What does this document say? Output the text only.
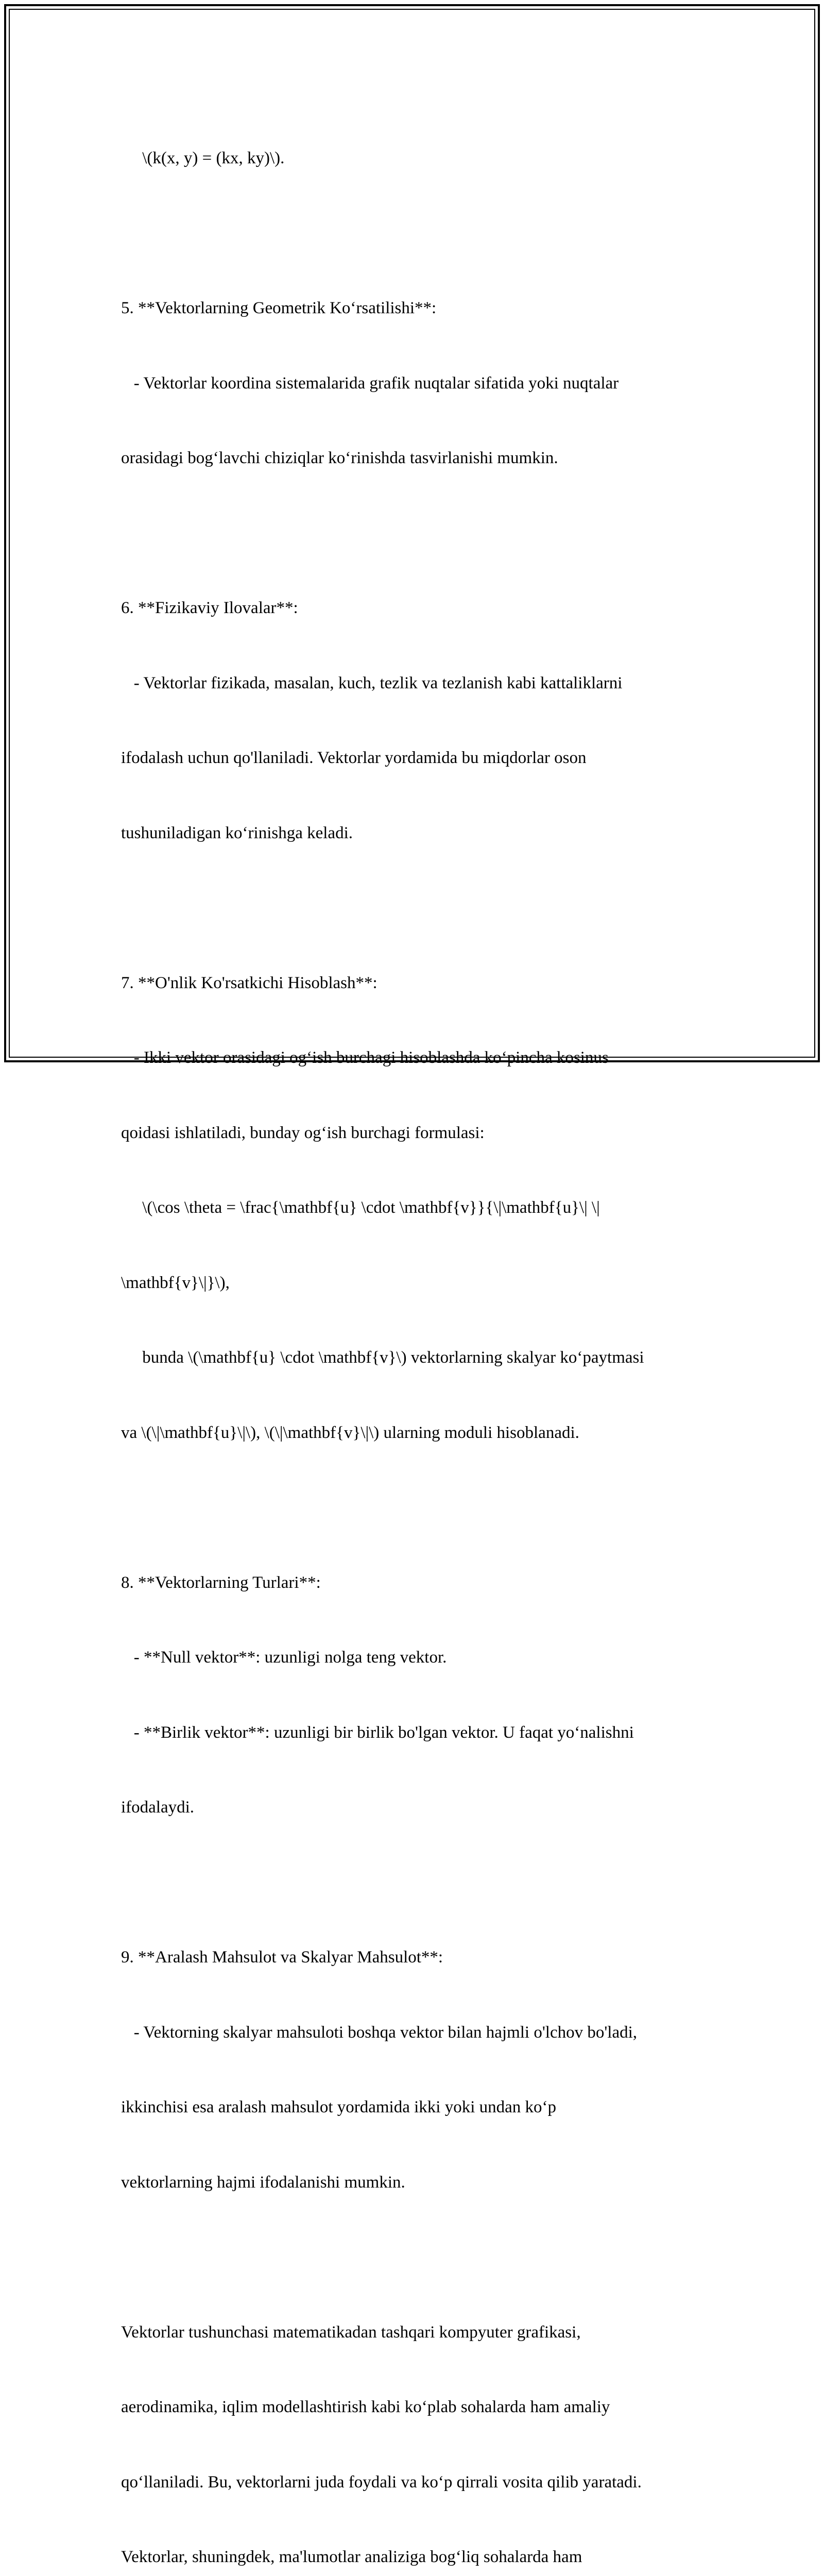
\(k(x, y) = (kx, ky)\).

5. **Vektorlarning Geometrik Ko‘rsatilishi**:

- Vektorlar koordina sistemalarida grafik nuqtalar sifatida yoki nuqtalar

orasidagi bog‘lavchi chiziqlar ko‘rinishda tasvirlanishi mumkin.

6. **Fizikaviy Ilovalar**:

- Vektorlar fizikada, masalan, kuch, tezlik va tezlanish kabi kattaliklarni

ifodalash uchun qo'llaniladi. Vektorlar yordamida bu miqdorlar oson

tushuniladigan ko‘rinishga keladi.

7. **O'nlik Ko'rsatkichi Hisoblash**:

- Ikki vektor orasidagi og‘ish burchagi hisoblashda ko‘pincha kosinus

qoidasi ishlatiladi, bunday og‘ish burchagi formulasi:

\(\cos \theta = \frac{\mathbf{u} \cdot \mathbf{v}}{\|\mathbf{u}\| \|

\mathbf{v}\|}\),

bunda \(\mathbf{u} \cdot \mathbf{v}\) vektorlarning skalyar ko‘paytmasi

va \(\|\mathbf{u}\|\), \(\|\mathbf{v}\|\) ularning moduli hisoblanadi.

8. **Vektorlarning Turlari**:

- **Null vektor**: uzunligi nolga teng vektor.

- **Birlik vektor**: uzunligi bir birlik bo'lgan vektor. U faqat yo‘nalishni

ifodalaydi.

9. **Aralash Mahsulot va Skalyar Mahsulot**:

- Vektorning skalyar mahsuloti boshqa vektor bilan hajmli o'lchov bo'ladi,

ikkinchisi esa aralash mahsulot yordamida ikki yoki undan ko‘p

vektorlarning hajmi ifodalanishi mumkin.

Vektorlar tushunchasi matematikadan tashqari kompyuter grafikasi,

aerodinamika, iqlim modellashtirish kabi ko‘plab sohalarda ham amaliy

qo‘llaniladi. Bu, vektorlarni juda foydali va ko‘p qirrali vosita qilib yaratadi.

Vektorlar, shuningdek, ma'lumotlar analiziga bog‘liq sohalarda ham
